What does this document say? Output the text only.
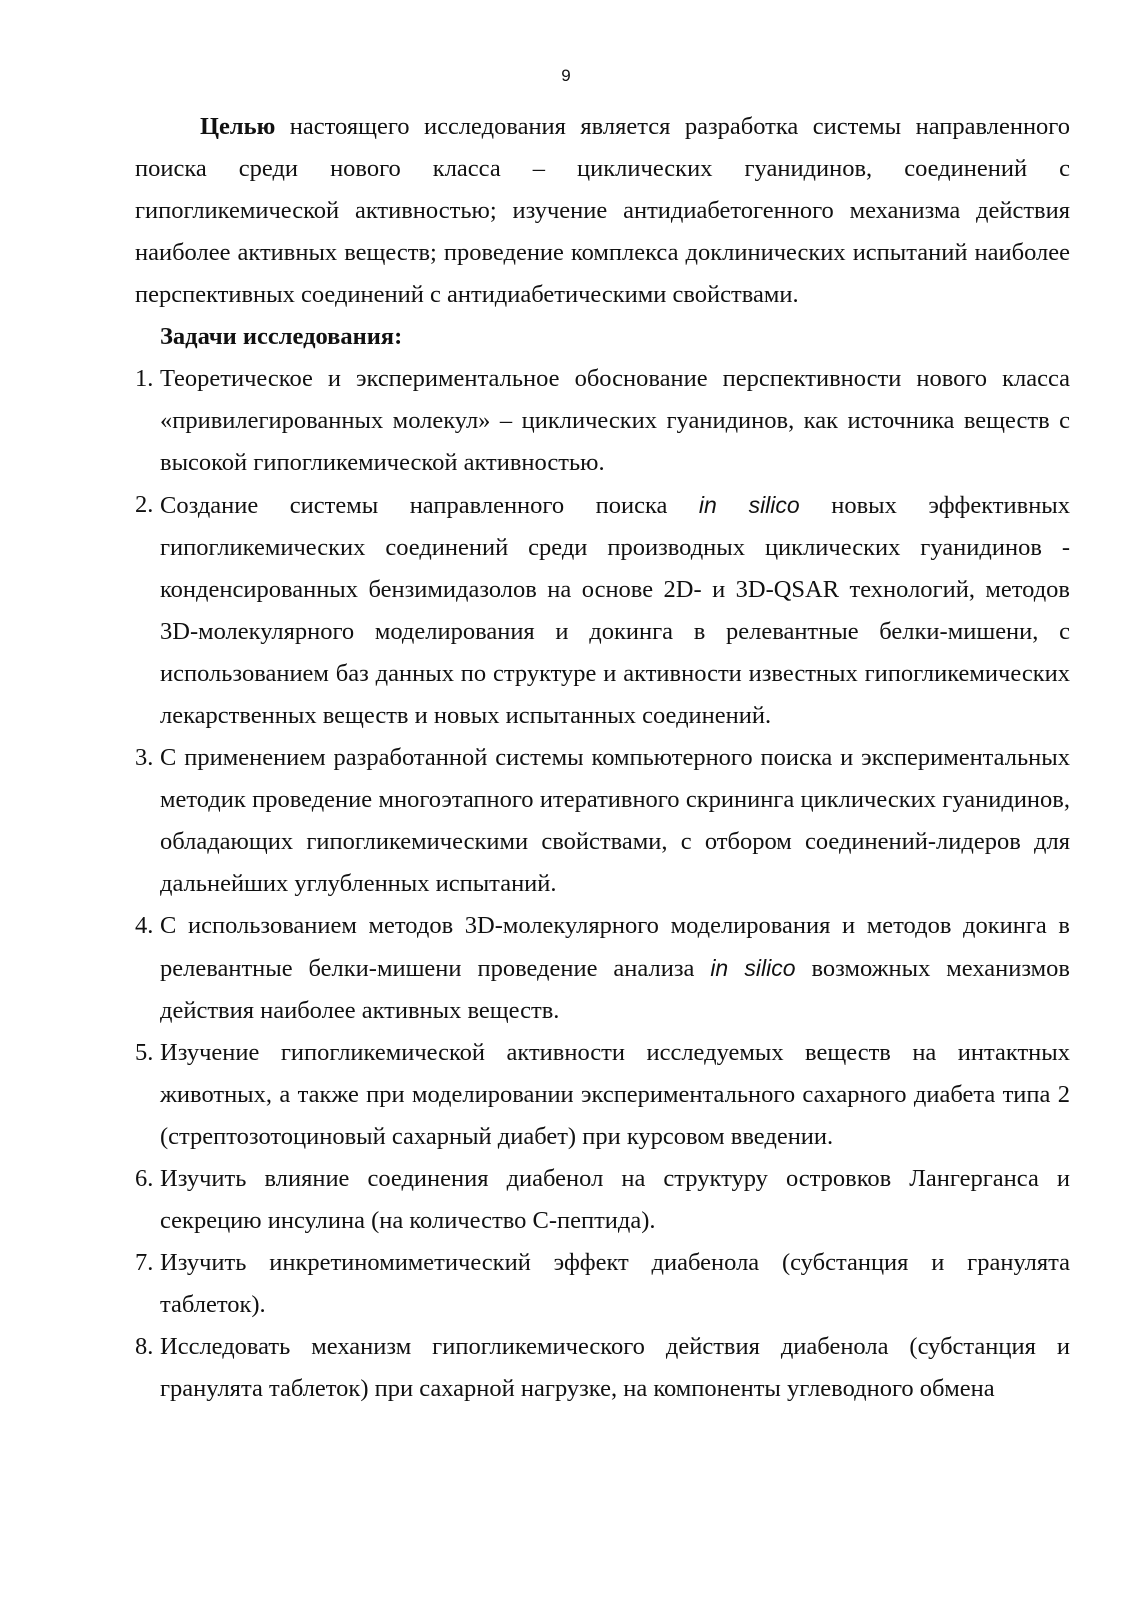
9

Целью настоящего исследования является разработка системы направленного поиска среди нового класса – циклических гуанидинов, соединений с гипогликемической активностью; изучение антидиабетогенного механизма действия наиболее активных веществ; проведение комплекса доклинических испытаний наиболее перспективных соединений с антидиабетическими свойствами.

Задачи исследования:

1. Теоретическое и экспериментальное обоснование перспективности нового класса «привилегированных молекул» – циклических гуанидинов, как источника веществ с высокой гипогликемической активностью.
2. Создание системы направленного поиска in silico новых эффективных гипогликемических соединений среди производных циклических гуанидинов - конденсированных бензимидазолов на основе 2D- и 3D-QSAR технологий, методов 3D-молекулярного моделирования и докинга в релевантные белки-мишени, с использованием баз данных по структуре и активности известных гипогликемических лекарственных веществ и новых испытанных соединений.
3. С применением разработанной системы компьютерного поиска и экспериментальных методик проведение многоэтапного итеративного скрининга циклических гуанидинов, обладающих гипогликемическими свойствами, с отбором соединений-лидеров для дальнейших углубленных испытаний.
4. С использованием методов 3D-молекулярного моделирования и методов докинга в релевантные белки-мишени проведение анализа in silico возможных механизмов действия наиболее активных веществ.
5. Изучение гипогликемической активности исследуемых веществ на интактных животных, а также при моделировании экспериментального сахарного диабета типа 2 (стрептозотоциновый сахарный диабет) при курсовом введении.
6. Изучить влияние соединения диабенол на структуру островков Лангерганса и секрецию инсулина (на количество С-пептида).
7. Изучить инкретиномиметический эффект диабенола (субстанция и гранулята таблеток).
8. Исследовать механизм гипогликемического действия диабенола (субстанция и гранулята таблеток) при сахарной нагрузке, на компоненты углеводного обмена
